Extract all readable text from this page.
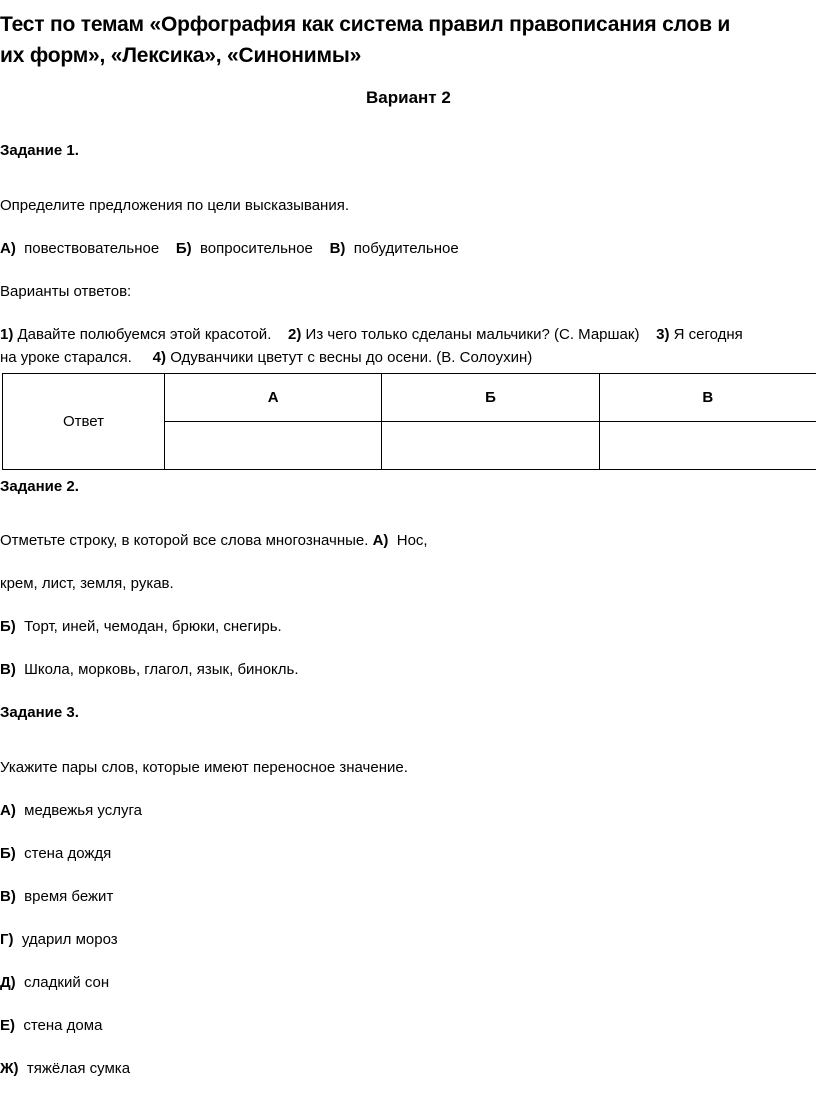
Тест по темам «Орфография как система правил правописания слов и
их форм», «Лексика», «Синонимы»
Вариант 2
Задание 1.
Определите предложения по цели высказывания.
А) повествовательное Б) вопросительное В) побудительное
Варианты ответов:
1) Давайте полюбуемся этой красотой. 2) Из чего только сделаны мальчики? (С. Маршак) 3) Я сегодня
на уроке старался. 4) Одуванчики цветут с весны до осени. (В. Солоухин)
Ответ	А	Б	В

Задание 2.
Отметьте строку, в которой все слова многозначные. А) Нос,
крем, лист, земля, рукав.
Б) Торт, иней, чемодан, брюки, снегирь.
В) Школа, морковь, глагол, язык, бинокль.
Задание 3.
Укажите пары слов, которые имеют переносное значение.
А) медвежья услуга
Б) стена дождя
В) время бежит
Г) ударил мороз
Д) сладкий сон
Е) стена дома
Ж) тяжёлая сумка
